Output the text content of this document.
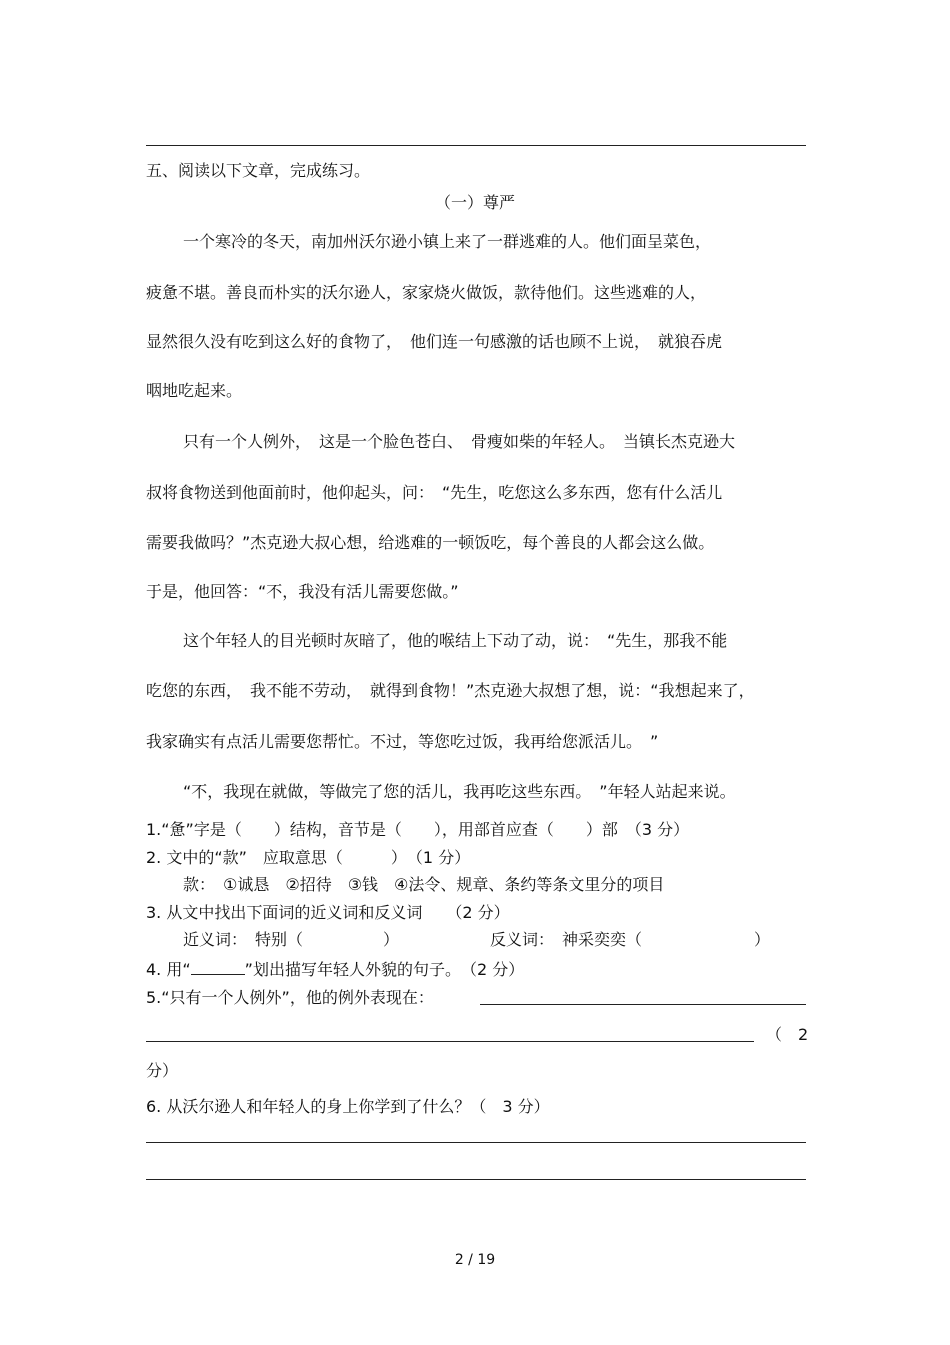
五、阅读以下文章，完成练习。
（一）尊严
一个寒冷的冬天，南加州沃尔逊小镇上来了一群逃难的人。他们面呈菜色，
疲惫不堪。善良而朴实的沃尔逊人，家家烧火做饭，款待他们。这些逃难的人，
显然很久没有吃到这么好的食物了，　他们连一句感激的话也顾不上说，　就狼吞虎
咽地吃起来。
只有一个人例外，　这是一个脸色苍白、　骨瘦如柴的年轻人。　当镇长杰克逊大
叔将食物送到他面前时，他仰起头，问：　“先生，吃您这么多东西，您有什么活儿
需要我做吗？”杰克逊大叔心想，给逃难的一顿饭吃，每个善良的人都会这么做。
于是，他回答：“不，我没有活儿需要您做。”
这个年轻人的目光顿时灰暗了，他的喉结上下动了动，说：　“先生，那我不能
吃您的东西，　我不能不劳动，　就得到食物！”杰克逊大叔想了想，说：“我想起来了，
我家确实有点活儿需要您帮忙。不过，等您吃过饭，我再给您派活儿。　”
“不，我现在就做，等做完了您的活儿，我再吃这些东西。　”年轻人站起来说。
1.“惫”字是（　　）结构，音节是（　　），用部首应查（　　）部　（3 分）
2. 文中的“款”　应取意思（　　　）　（1 分）
款：　①诚恳　②招待　③钱　④法令、规章、条约等条文里分的项目
3. 从文中找出下面词的近义词和反义词　　（2 分）
近义词：　特别（　　　　　）	反义词：　神采奕奕（　　　　　　　）
4. 用“	”划出描写年轻人外貌的句子。　（2 分）
5.“只有一个人例外”，他的例外表现在：
（ 2
分）
6. 从沃尔逊人和年轻人的身上你学到了什么？（　3 分）
2 / 19
